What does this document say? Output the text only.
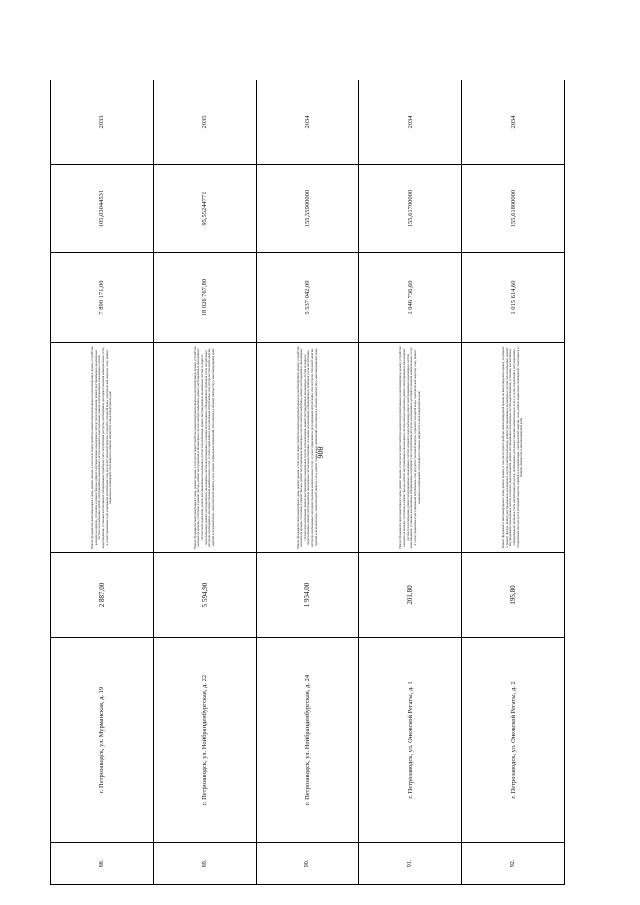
806
88.	г. Петрозаводск, ул. Мурманская, д. 19	2 887,00	Ремонт фундамента многоквартирного дома, ремонт крыши, в том числе переустройство невентилируемой крыши на вентилируемую крышу, устройство выходов на кровлю, утепление и ремонт фасада, ремонт внутридомовых инженерных систем теплоснабжения, ремонт внутридомовых инженерных систем газоснабжения, ремонт внутридомовых инженерных систем холодного водоснабжения, ремонт внутридомовых инженерных систем водоотведения, установка коллективных (общедомовых) приборов учета потребления ресурсов, необходимых для предоставления коммунальных услуг, и узлов управления и регулирования потребления этих ресурсов (тепловой энергии, горячей и холодной воды, электрической энергии, газа), ремонт подвальных помещений, относящихся к общему имуществу в многоквартирном доме	7 890 171,00	105,03044531	2033
89.	г. Петрозаводск, ул. Нойбранденбургская, д. 22	5 594,90	Ремонт фундамента многоквартирного дома, ремонт крыши, в том числе переустройство невентилируемой крыши на вентилируемую крышу, устройство выходов на кровлю, утепление и ремонт фасада, ремонт внутридомовых инженерных систем электроснабжения, ремонт внутридомовых инженерных систем теплоснабжения, ремонт внутридомовых инженерных систем газоснабжения, ремонт внутридомовых инженерных систем холодного водоснабжения, ремонт внутридомовых инженерных систем водоотведения, установка коллективных (общедомовых) приборов учета потребления ресурсов, необходимых для предоставления коммунальных услуг, и узлов управления и регулирования потребления этих ресурсов (тепловой энергии, горячей и холодной воды, электрической энергии, газа), ремонт подвальных помещений, относящихся к общему имуществу в многоквартирном доме	18 026 767,80	95,55244771	2035
90.	г. Петрозаводск, ул. Нойбранденбургская, д. 24	1 934,00	Ремонт фундамента многоквартирного дома, ремонт крыши, в том числе переустройство невентилируемой крыши на вентилируемую крышу, устройство выходов на кровлю, утепление и ремонт фасада, ремонт внутридомовых инженерных систем электроснабжения, ремонт внутридомовых инженерных систем теплоснабжения, ремонт внутридомовых инженерных систем газоснабжения, ремонт внутридомовых инженерных систем холодного водоснабжения, ремонт внутридомовых инженерных систем водоотведения, установка коллективных (общедомовых) приборов учета потребления ресурсов, необходимых для предоставления коммунальных услуг, и узлов управления и регулирования потребления этих ресурсов (тепловой энергии, горячей и холодной воды, электрической энергии, газа), ремонт подвальных помещений, относящихся к общему имуществу в многоквартирном доме	5 537 042,00	155,55900000	2034
91.	г. Петрозаводск, ул. Онежской Регаты, д. 1	201,80	Ремонт фундамента многоквартирного дома, ремонт крыши, в том числе переустройство невентилируемой крыши на вентилируемую крышу, устройство выходов на кровлю, утепление и ремонт фасада, ремонт внутридомовых инженерных систем электроснабжения, ремонт внутридомовых инженерных систем теплоснабжения, ремонт внутридомовых инженерных систем холодного водоснабжения, ремонт внутридомовых инженерных систем водоотведения, установка коллективных (общедомовых) приборов учета потребления ресурсов, необходимых для предоставления коммунальных услуг, и узлов управления и регулирования потребления этих ресурсов (тепловой энергии, горячей и холодной воды, электрической энергии, газа), ремонт подвальных помещений, относящихся к общему имуществу в многоквартирном доме	1 046 736,60	155,61700000	2034
92.	г. Петрозаводск, ул. Онежской Регаты, д. 2	195,80	Ремонт фундамента многоквартирного дома, ремонт крыши, в том числе переустройство невентилируемой крыши на вентилируемую крышу, утепление и ремонт фасада, ремонт внутридомовых инженерных систем электроснабжения, ремонт внутридомовых инженерных систем теплоснабжения, ремонт внутридомовых инженерных систем холодного водоснабжения, ремонт внутридомовых инженерных систем водоотведения, установка коллективных (общедомовых) приборов учета потребления ресурсов, необходимых для предоставления коммунальных услуг, и узлов управления и регулирования потребления этих ресурсов (тепловой энергии, горячей и холодной воды, электрической энергии, газа), ремонт подвальных помещений, относящихся к общему имуществу в многоквартирном доме	1 015 614,60	155,61800000	2034
